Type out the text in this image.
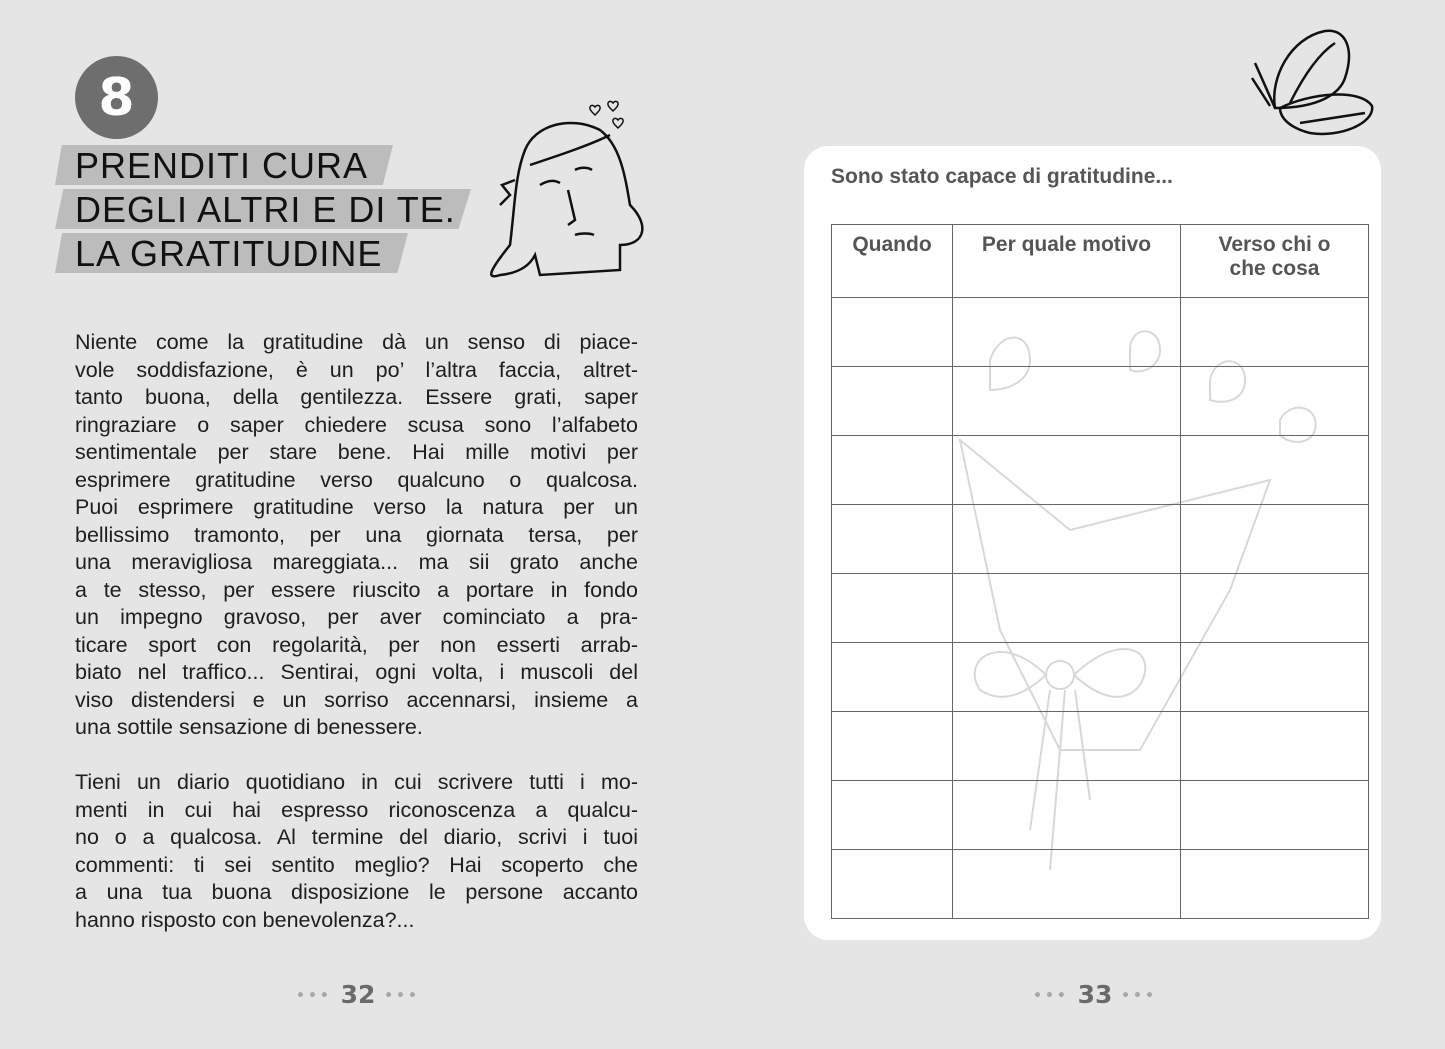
8
PRENDITI CURA
DEGLI ALTRI E DI TE.
LA GRATITUDINE
Niente come la gratitudine dà un senso di piace-
vole soddisfazione, è un po’ l’altra faccia, altret-
tanto buona, della gentilezza. Essere grati, saper
ringraziare o saper chiedere scusa sono l’alfabeto
sentimentale per stare bene. Hai mille motivi per
esprimere gratitudine verso qualcuno o qualcosa.
Puoi esprimere gratitudine verso la natura per un
bellissimo tramonto, per una giornata tersa, per
una meravigliosa mareggiata... ma sii grato anche
a te stesso, per essere riuscito a portare in fondo
un impegno gravoso, per aver cominciato a pra-
ticare sport con regolarità, per non esserti arrab-
biato nel traffico... Sentirai, ogni volta, i muscoli del
viso distendersi e un sorriso accennarsi, insieme a
una sottile sensazione di benessere.
Tieni un diario quotidiano in cui scrivere tutti i mo-
menti in cui hai espresso riconoscenza a qualcu-
no o a qualcosa. Al termine del diario, scrivi i tuoi
commenti: ti sei sentito meglio? Hai scoperto che
a una tua buona disposizione le persone accanto
hanno risposto con benevolenza?...
••• 32 •••
Sono stato capace di gratitudine...
Quando	Per quale motivo	Verso chi o che cosa

••• 33 •••
